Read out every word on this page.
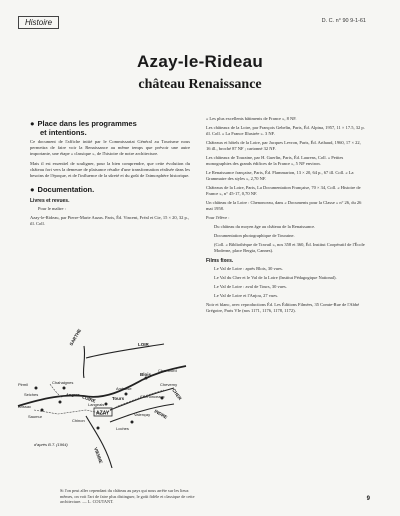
Histoire	D. C. n° 90 9-1-61
Azay-le-Rideau
château Renaissance
● Place dans les programmes
et intentions.

Ce document de l'affiche initié par le Commissariat Général au Tourisme nous permettra de faire voir la Renaissance au même temps que prévoir une autre importante, une étape « classique », de l'histoire de notre architecture.

Mais il est essentiel de souligner, pour la bien comprendre, que cette évolution du château fort vers la demeure de plaisance résulte d'une transformation réalisée dans les besoins de l'époque, et de l'influence de la sûreté et du goût de l'atmosphère historique.

● Documentation.
Livres et revues.

Pour le maître :

Azay-le-Rideau, par Pierre-Marie Auzas. Paris, Éd. Vincent, Fréal et Cie, 15 × 20, 32 p., ill. Coll.

SARTHE	LOIR
Pirmil	Chahaignes
Seiches	Angers
Brissac
Saumur
LOIRE
Langeais
Tours
Amboise
Blois
Chambord
Cheverny
Chenonceaux
AZAY
Chinon
Loches
Valençay
CHER
INDRE
VIENNE
d'après B.T. (1964)
Si l'on peut aller cependant du château au pays qui nous arrête sur les lieux mêmes, on voit l'art de faire plus distinguer, le goût fidèle et classique de cette architecture. — L. COUTANT.

« Les plus excellents bâtiments de France », 8 NF.

Les châteaux de la Loire, par François Gebelin, Paris, Éd. Alpina, 1957, 11 × 17.5, 32 p. ill. Coll. « La France Illustrée ». 3 NF.

Châteaux et hôtels de la Loire, par Jacques Levron, Paris, Éd. Arthaud, 1960, 17 × 22, 16 ill., broché 87 NF ; cartonné 32 NF.

Les châteaux de Touraine, par H. Guerlin, Paris, Éd. Laurens, Coll. « Petites monographies des grands édifices de la France », 5 NF environ.

Le Renaissance française, Paris, Éd. Flammarion, 13 × 20, 64 p., 67 ill. Coll. « La Grammaire des styles », 2,70 NF.

Châteaux de la Loire, Paris, La Documentation Française, 70 × 34, Coll. « Histoire de France », n° 45-17, 0,70 NF.

Un château de la Loire : Chenonceau, dans « Documents pour la Classe » n° 26, du 26 mai 1958.

Pour l'élève :

Du château du moyen âge au château de la Renaissance.

Documentation photographique de Touraine.

(Coll. « Bibliothèque de Travail », nos 358 et 360, Éd. Institut Coopératif de l'École Moderne, place Bergia, Cannes).

Films fixes.

Le Val de Loire : après Blois, 30 vues.

Le Val du Cher et le Val de la Loire (Institut Pédagogique National).

Le Val de Loire : aval de Tours, 30 vues.

Le Val de Loire et l'Anjou, 27 vues.

Noir et blanc, avec reproductions Éd. Les Éditions Filmées, 35 Comte-Rue de l'Abbé Grégoire, Paris VIe (nos 1171, 1176, 1178, 1172).

9
